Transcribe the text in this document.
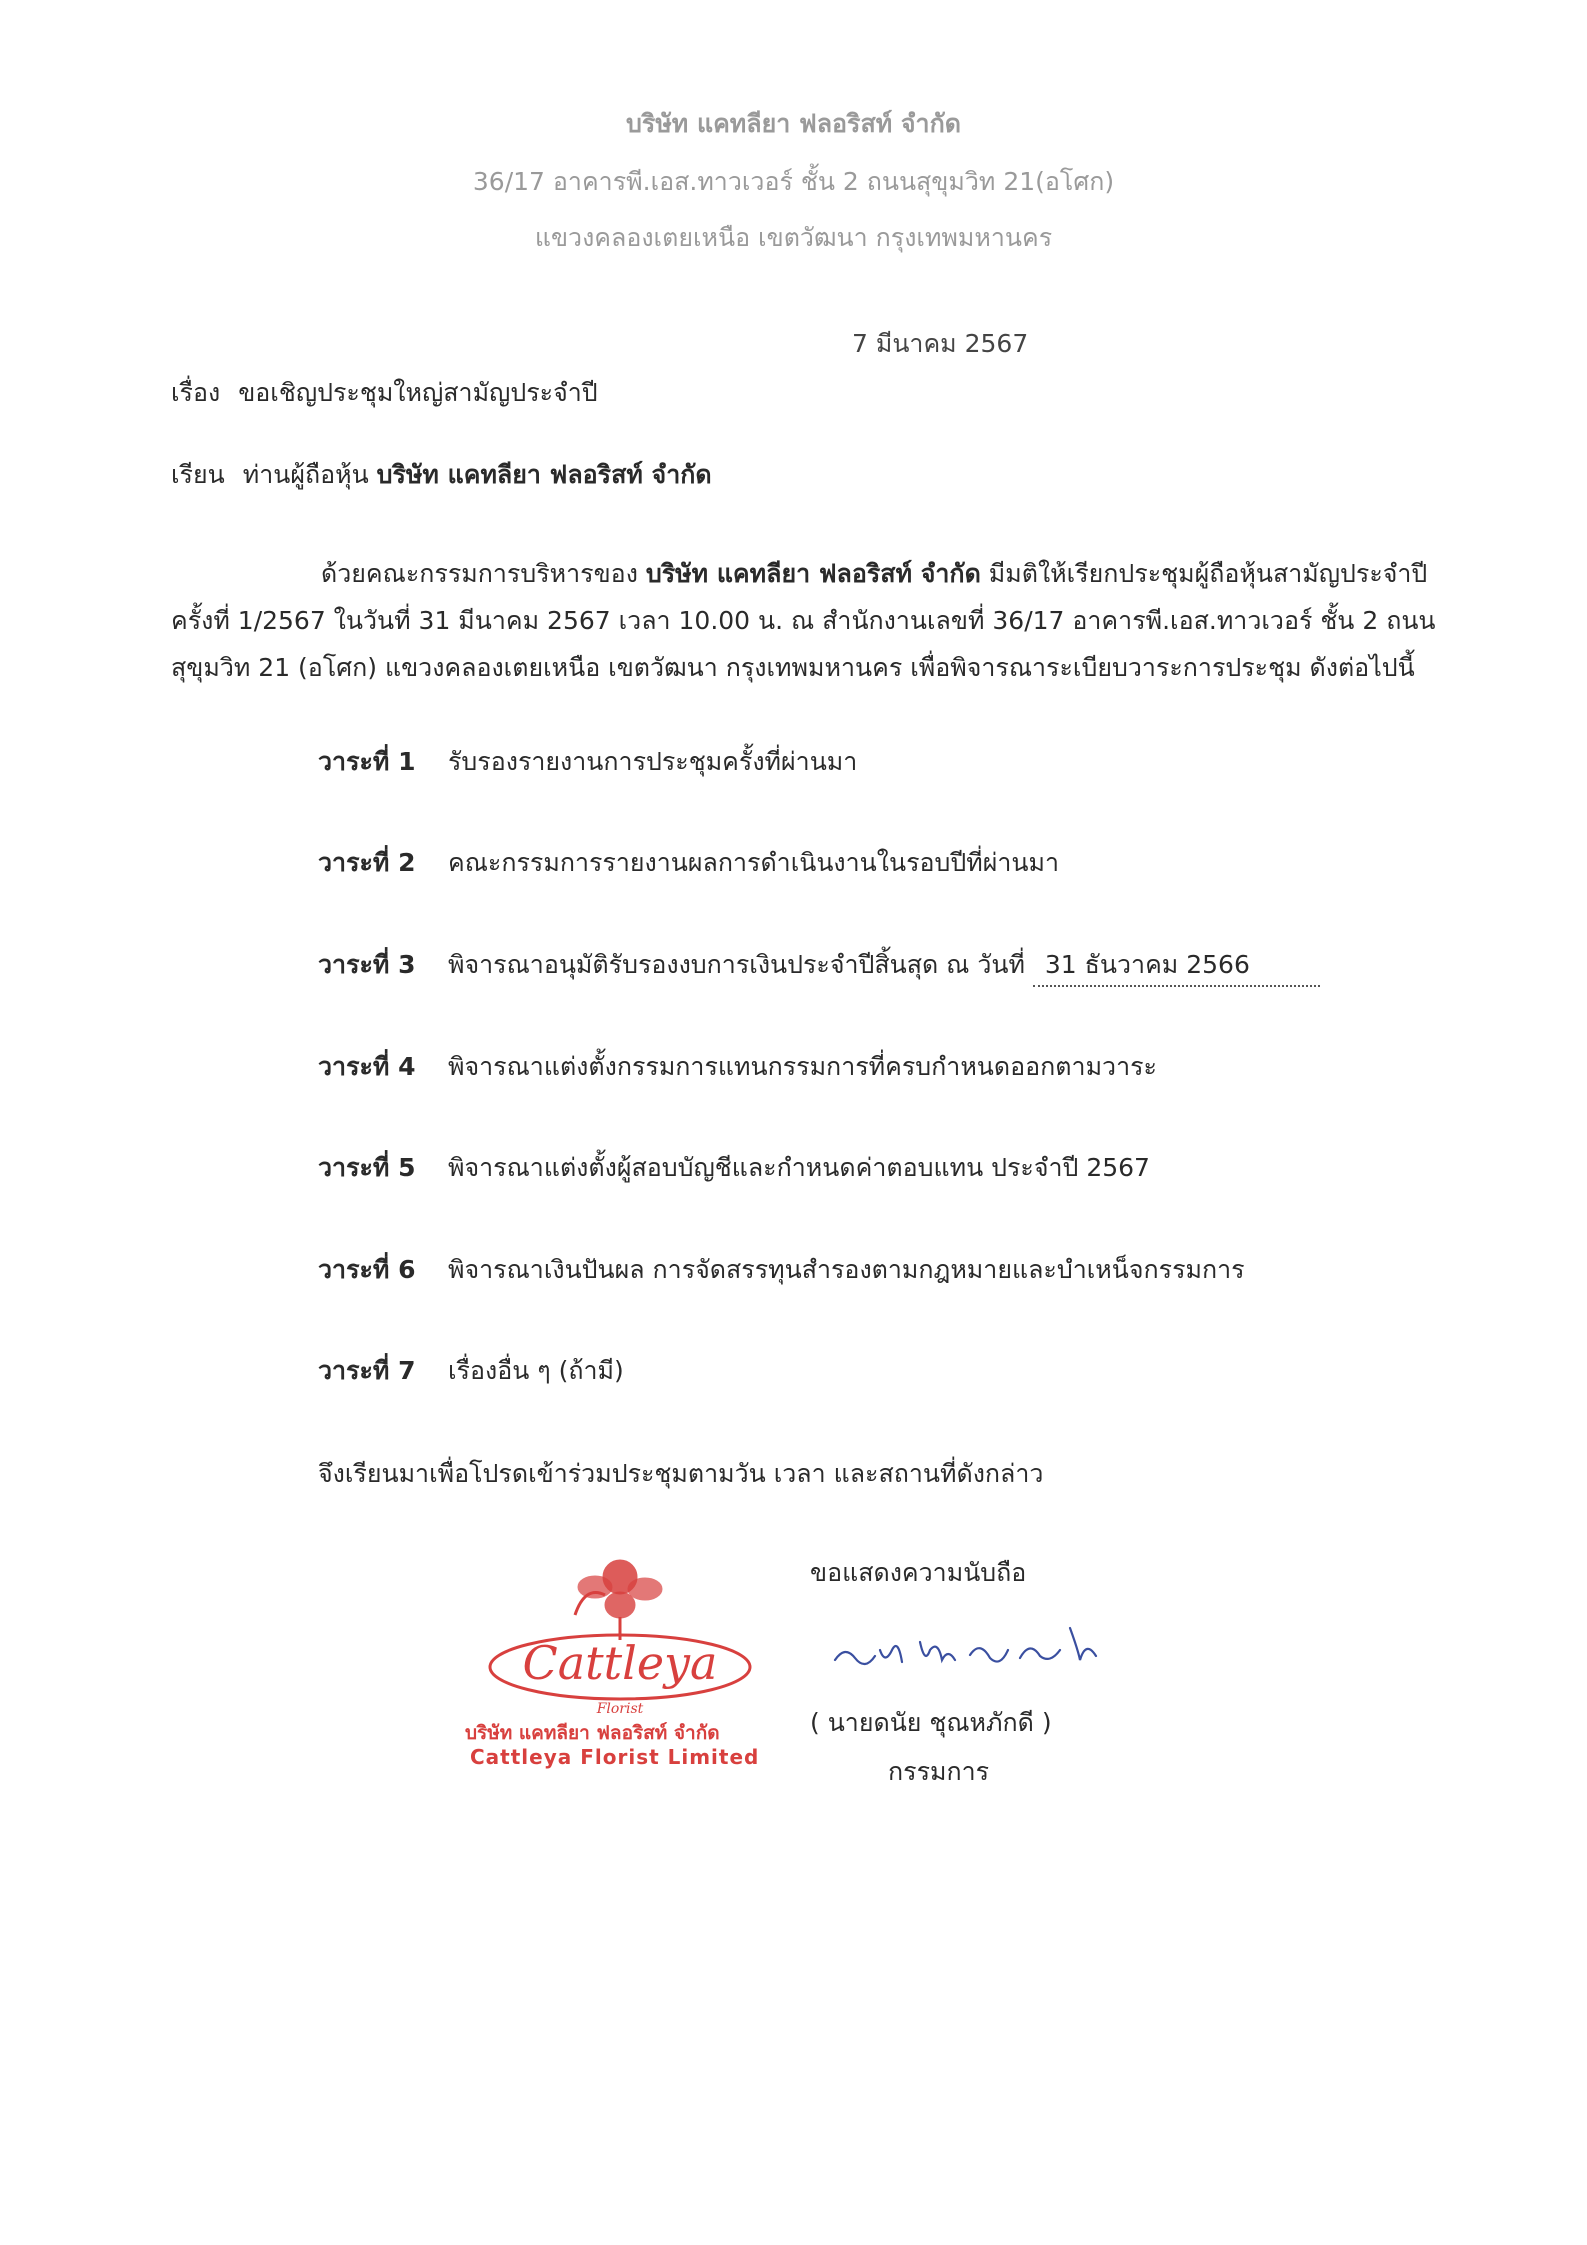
บริษัท แคทลียา ฟลอริสท์ จำกัด
36/17 อาคารพี.เอส.ทาวเวอร์ ชั้น 2 ถนนสุขุมวิท 21(อโศก)
แขวงคลองเตยเหนือ เขตวัฒนา กรุงเทพมหานคร
7 มีนาคม 2567
เรื่อง ขอเชิญประชุมใหญ่สามัญประจำปี
เรียน ท่านผู้ถือหุ้น บริษัท แคทลียา ฟลอริสท์ จำกัด
ด้วยคณะกรรมการบริหารของ บริษัท แคทลียา ฟลอริสท์ จำกัด มีมติให้เรียกประชุมผู้ถือหุ้นสามัญประจำปี
ครั้งที่ 1/2567 ในวันที่ 31 มีนาคม 2567 เวลา 10.00 น. ณ สำนักงานเลขที่ 36/17 อาคารพี.เอส.ทาวเวอร์ ชั้น 2 ถนน
สุขุมวิท 21 (อโศก) แขวงคลองเตยเหนือ เขตวัฒนา กรุงเทพมหานคร เพื่อพิจารณาระเบียบวาระการประชุม ดังต่อไปนี้
วาระที่ 1 รับรองรายงานการประชุมครั้งที่ผ่านมา
วาระที่ 2 คณะกรรมการรายงานผลการดำเนินงานในรอบปีที่ผ่านมา
วาระที่ 3 พิจารณาอนุมัติรับรองงบการเงินประจำปีสิ้นสุด ณ วันที่ 31 ธันวาคม 2566
วาระที่ 4 พิจารณาแต่งตั้งกรรมการแทนกรรมการที่ครบกำหนดออกตามวาระ
วาระที่ 5 พิจารณาแต่งตั้งผู้สอบบัญชีและกำหนดค่าตอบแทน ประจำปี 2567
วาระที่ 6 พิจารณาเงินปันผล การจัดสรรทุนสำรองตามกฎหมายและบำเหน็จกรรมการ
วาระที่ 7 เรื่องอื่น ๆ (ถ้ามี)
จึงเรียนมาเพื่อโปรดเข้าร่วมประชุมตามวัน เวลา และสถานที่ดังกล่าว
Cattleya
Florist
บริษัท แคทลียา ฟลอริสท์ จำกัด
Cattleya Florist Limited
ขอแสดงความนับถือ
( นายดนัย ชุณหภักดี )
กรรมการ
